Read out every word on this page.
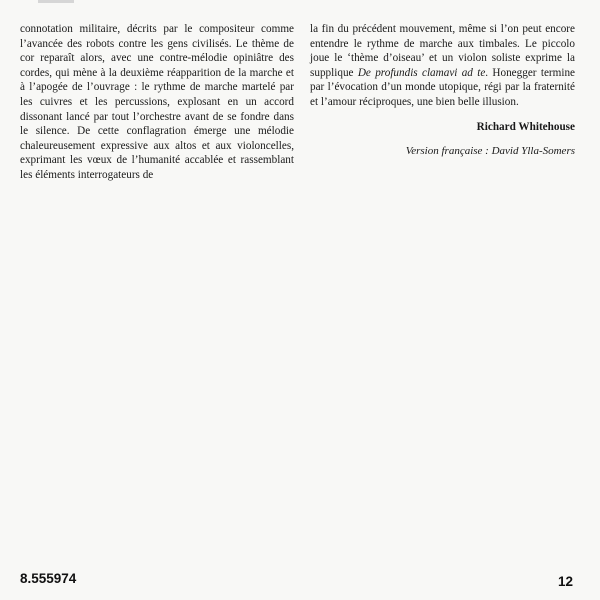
connotation militaire, décrits par le compositeur comme l’avancée des robots contre les gens civilisés. Le thème de cor reparaît alors, avec une contre-mélodie opiniâtre des cordes, qui mène à la deuxième réapparition de la marche et à l’apogée de l’ouvrage : le rythme de marche martelé par les cuivres et les percussions, explosant en un accord dissonant lancé par tout l’orchestre avant de se fondre dans le silence. De cette conflagration émerge une mélodie chaleureusement expressive aux altos et aux violoncelles, exprimant les vœux de l’humanité accablée et rassemblant les éléments interrogateurs de

la fin du précédent mouvement, même si l’on peut encore entendre le rythme de marche aux timbales. Le piccolo joue le ‘thème d’oiseau’ et un violon soliste exprime la supplique De profundis clamavi ad te. Honegger termine par l’évocation d’un monde utopique, régi par la fraternité et l’amour réciproques, une bien belle illusion.

Richard Whitehouse
Version française : David Ylla-Somers
8.555974	12
